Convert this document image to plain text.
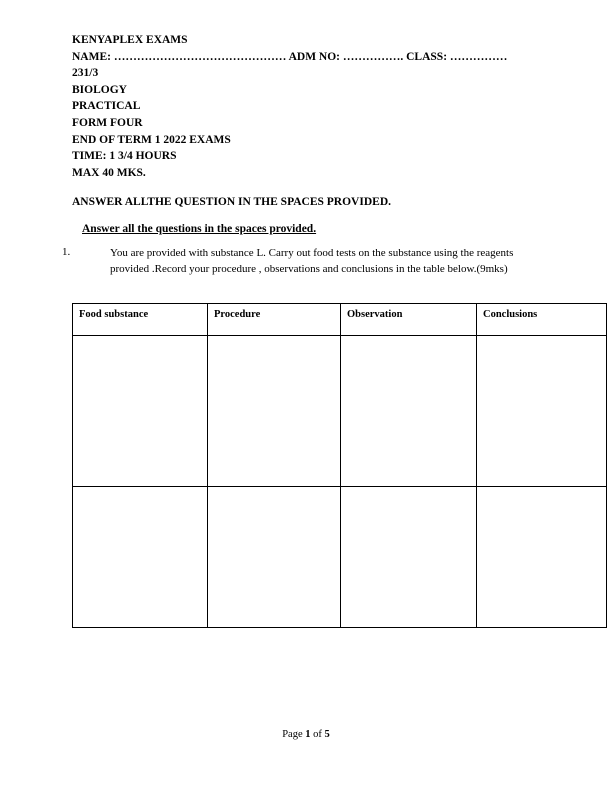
KENYAPLEX EXAMS
NAME: ……………………………………… ADM NO: ……………. CLASS: ……………
231/3
BIOLOGY
PRACTICAL
FORM FOUR
END OF TERM 1 2022 EXAMS
TIME: 1 3/4 HOURS
MAX 40 MKS.
ANSWER ALLTHE QUESTION IN THE SPACES PROVIDED.
Answer all the questions in the spaces provided.
1.	You are provided with substance L. Carry out food tests on the substance using the reagents provided .Record your procedure , observations and conclusions in the table below.(9mks)
Food substance	Procedure	Observation	Conclusions

Page 1 of 5
